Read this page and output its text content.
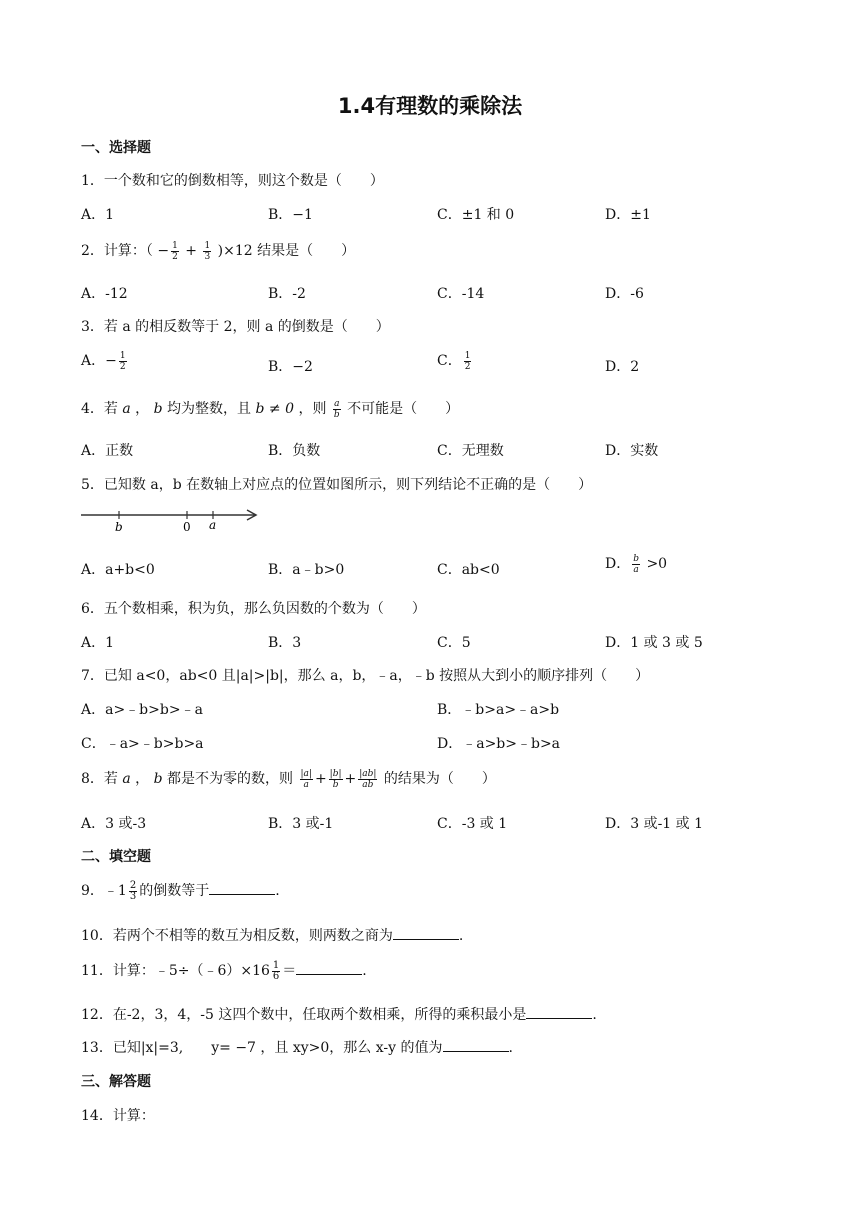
1.4有理数的乘除法
一、选择题
1．一个数和它的倒数相等，则这个数是（　　）
A．1	B．−1	C．±1 和 0	D．±1
2．计算：（ − $\frac{1}{2} + \frac{1}{3} )\times 12$ 结果是（　　）
A．-12	B．-2	C．-14	D．-6
3．若 a 的相反数等于 2，则 a 的倒数是（　　）
A．− $\frac{1}{2}$	B．−2	C． $\frac{1}{2}$	D．2
4．若 a ， b 均为整数，且 b ≠ 0 ，则 $\frac{a}{b}$ 不可能是（　　）
A．正数	B．负数	C．无理数	D．实数
5．已知数 a，b 在数轴上对应点的位置如图所示，则下列结论不正确的是（　　）
b	0 a
A．a+b<0	B．a﹣b>0	C．ab<0	D． $\frac{b}{a} >0$
6．五个数相乘，积为负，那么负因数的个数为（　　）
A．1	B．3	C．5	D．1 或 3 或 5
7．已知 a<0，ab<0 且|a|>|b|，那么 a，b，﹣a，﹣b 按照从大到小的顺序排列（　　）
A．a>﹣b>b>﹣a	B．﹣b>a>﹣a>b
C．﹣a>﹣b>b>a	D．﹣a>b>﹣b>a
8．若 a ， b 都是不为零的数，则 $\frac{|a|}{a} + \frac{|b|}{b} + \frac{|ab|}{ab}$ 的结果为（　　）
A．3 或-3	B．3 或-1	C．-3 或 1	D．3 或-1 或 1
二、填空题
9．﹣1 $\frac{2}{3}$ 的倒数等于	.
10．若两个不相等的数互为相反数，则两数之商为	.
11．计算：﹣5÷（﹣6）×16 $\frac{1}{6}$ ＝	.
12．在-2，3，4，-5 这四个数中，任取两个数相乘，所得的乘积最小是	.
13．已知|x|=3,　　y= −7 ，且 xy>0，那么 x-y 的值为	.
三、解答题
14．计算：
